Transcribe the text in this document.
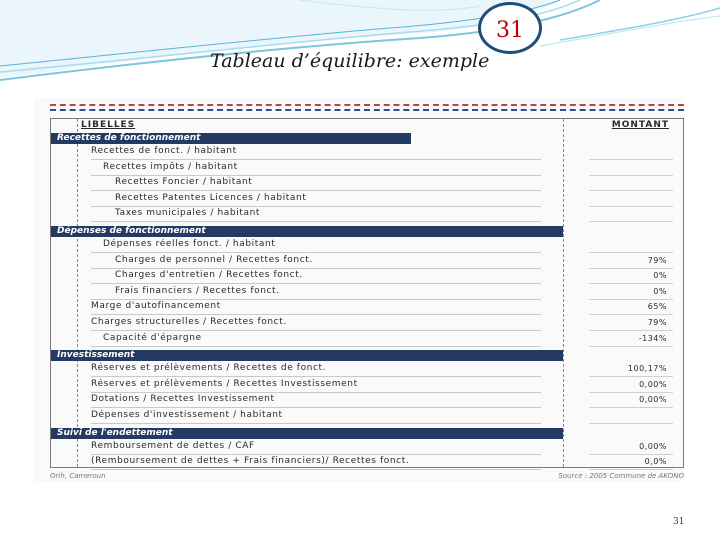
31
Tableau d’équilibre: exemple
LIBELLES	MONTANT
Recettes de fonctionnement
Recettes de fonct. / habitant
Recettes impôts / habitant
Recettes Foncier / habitant
Recettes Patentes Licences / habitant
Taxes municipales / habitant
Dépenses de fonctionnement
Dépenses réelles fonct. / habitant
Charges de personnel / Recettes fonct.	79%
Charges d'entretien / Recettes fonct.	0%
Frais financiers / Recettes fonct.	0%
Marge d'autofinancement	65%
Charges structurelles / Recettes fonct.	79%
Capacité d'épargne	-134%
Investissement
Réserves et prélèvements / Recettes de fonct.	100,17%
Réserves et prélèvements / Recettes Investissement	0,00%
Dotations / Recettes Investissement	0,00%
Dépenses d'investissement / habitant
Suivi de l'endettement
Remboursement de dettes / CAF	0,00%
(Remboursement de dettes + Frais financiers)/ Recettes fonct.	0,0%
Orih, Cameroun	Source : 2005 Commune de AKONO
31
